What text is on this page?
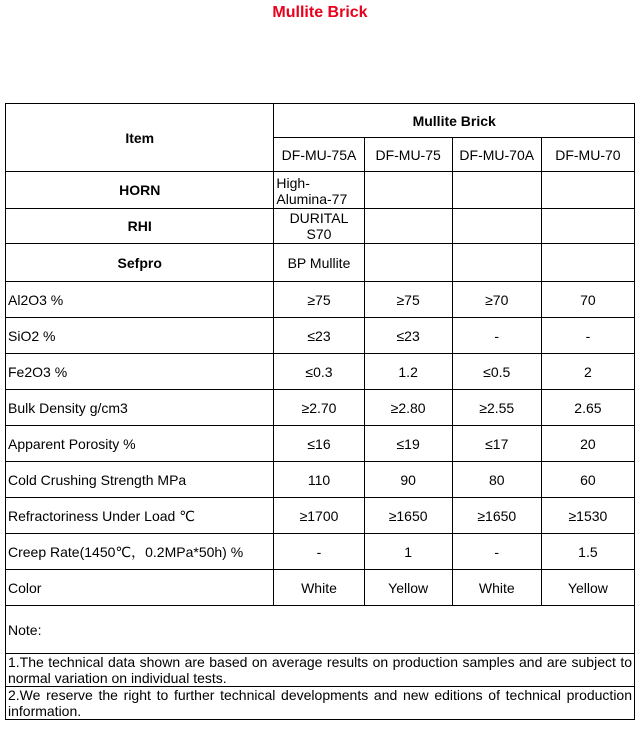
Mullite Brick
Item	Mullite Brick			
	DF-MU-75A	DF-MU-75	DF-MU-70A	DF-MU-70
HORN	High-Alumina-77			
RHI	DURITAL S70			
Sefpro	BP Mullite			
Al2O3 %	≥75	≥75	≥70	70
SiO2 %	≤23	≤23	-	-
Fe2O3 %	≤0.3	1.2	≤0.5	2
Bulk Density g/cm3	≥2.70	≥2.80	≥2.55	2.65
Apparent Porosity %	≤16	≤19	≤17	20
Cold Crushing Strength MPa	110	90	80	60
Refractoriness Under Load ℃	≥1700	≥1650	≥1650	≥1530
Creep Rate(1450℃，0.2MPa*50h) %	-	1	-	1.5
Color	White	Yellow	White	Yellow
Note:				
1.The technical data shown are based on average results on production samples and are subject to normal variation on individual tests.				
2.We reserve the right to further technical developments and new editions of technical production information.				
